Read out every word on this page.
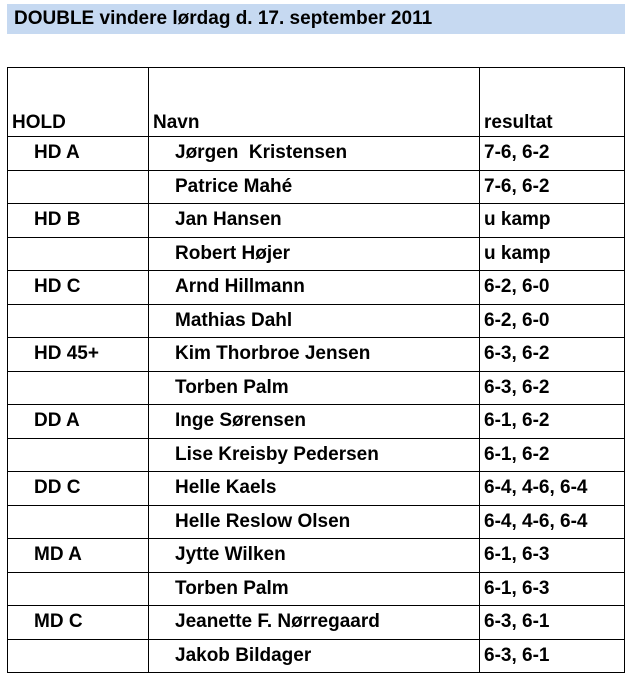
DOUBLE vindere lørdag d. 17. september 2011
HOLD	Navn	resultat
HD A	Jørgen  Kristensen	7-6, 6-2
	Patrice Mahé	7-6, 6-2
HD B	Jan Hansen	u kamp
	Robert Højer	u kamp
HD C	Arnd Hillmann	6-2, 6-0
	Mathias Dahl	6-2, 6-0
HD 45+	Kim Thorbroe Jensen	6-3, 6-2
	Torben Palm	6-3, 6-2
DD A	Inge Sørensen	6-1, 6-2
	Lise Kreisby Pedersen	6-1, 6-2
DD C	Helle Kaels	6-4, 4-6, 6-4
	Helle Reslow Olsen	6-4, 4-6, 6-4
MD A	Jytte Wilken	6-1, 6-3
	Torben Palm	6-1, 6-3
MD C	Jeanette F. Nørregaard	6-3, 6-1
	Jakob Bildager	6-3, 6-1
